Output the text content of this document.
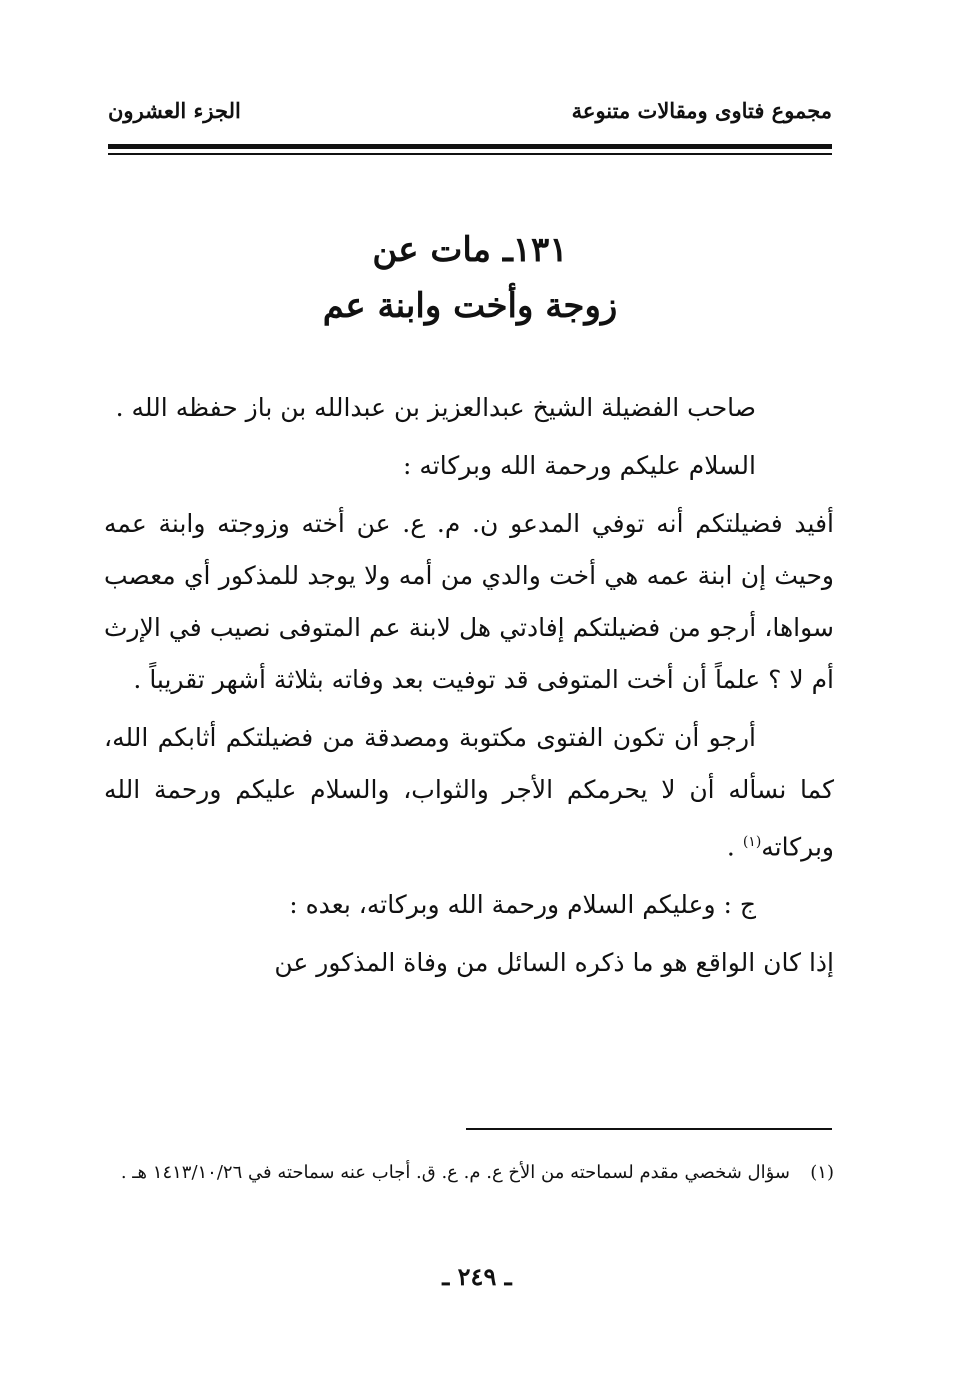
مجموع فتاوى ومقالات متنوعة
الجزء العشرون
١٣١ـ مات عن
زوجة وأخت وابنة عم

صاحب الفضيلة الشيخ عبدالعزيز بن عبدالله بن باز حفظه الله .

السلام عليكم ورحمة الله وبركاته :

أفيد فضيلتكم أنه توفي المدعو ن. م. ع. عن أخته وزوجته وابنة عمه وحيث إن ابنة عمه هي أخت والدي من أمه ولا يوجد للمذكور أي معصب سواها، أرجو من فضيلتكم إفادتي هل لابنة عم المتوفى نصيب في الإرث أم لا ؟ علماً أن أخت المتوفى قد توفيت بعد وفاته بثلاثة أشهر تقريباً .

أرجو أن تكون الفتوى مكتوبة ومصدقة من فضيلتكم أثابكم الله، كما نسأله أن لا يحرمكم الأجر والثواب، والسلام عليكم ورحمة الله وبركاته$^{(١)}$ .

ج : وعليكم السلام ورحمة الله وبركاته، بعده :

إذا كان الواقع هو ما ذكره السائل من وفاة المذكور عن

(١)
سؤال شخصي مقدم لسماحته من الأخ ع. م. ع. ق. أجاب عنه سماحته في ١٤١٣/١٠/٢٦ هـ .
ـ ٢٤٩ ـ
